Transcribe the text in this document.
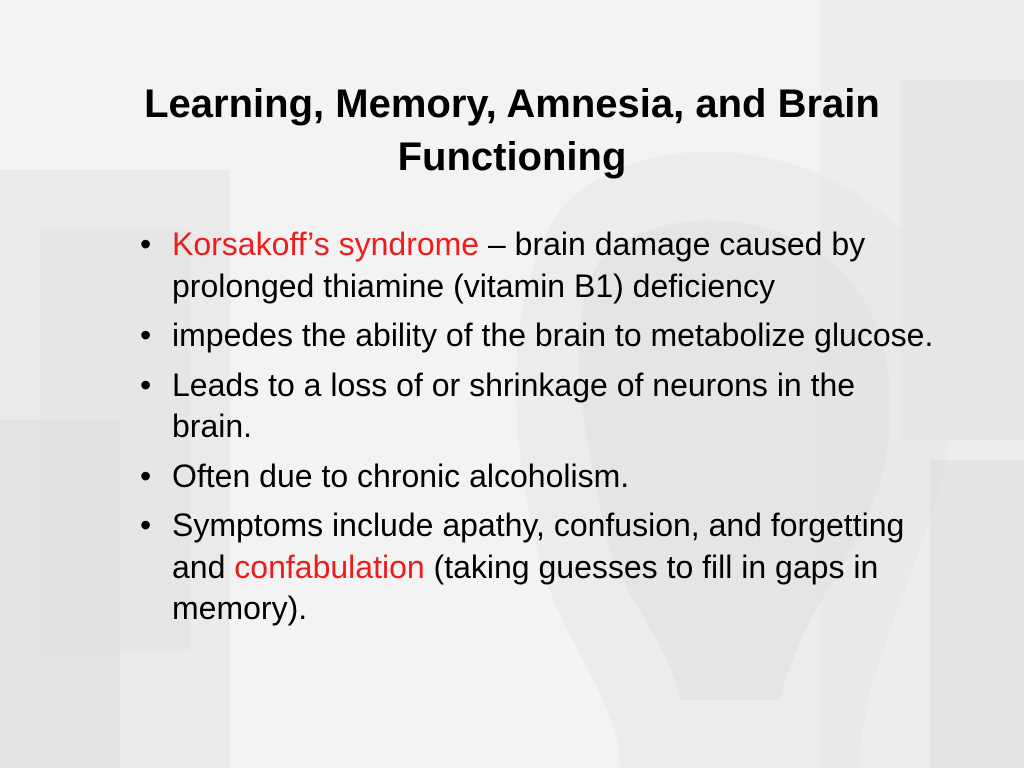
Learning, Memory, Amnesia, and Brain
Functioning
• Korsakoff’s syndrome – brain damage caused by prolonged thiamine (vitamin B1) deficiency
• impedes the ability of the brain to metabolize glucose.
• Leads to a loss of or shrinkage of neurons in the brain.
• Often due to chronic alcoholism.
• Symptoms include apathy, confusion, and forgetting and confabulation (taking guesses to fill in gaps in memory).
